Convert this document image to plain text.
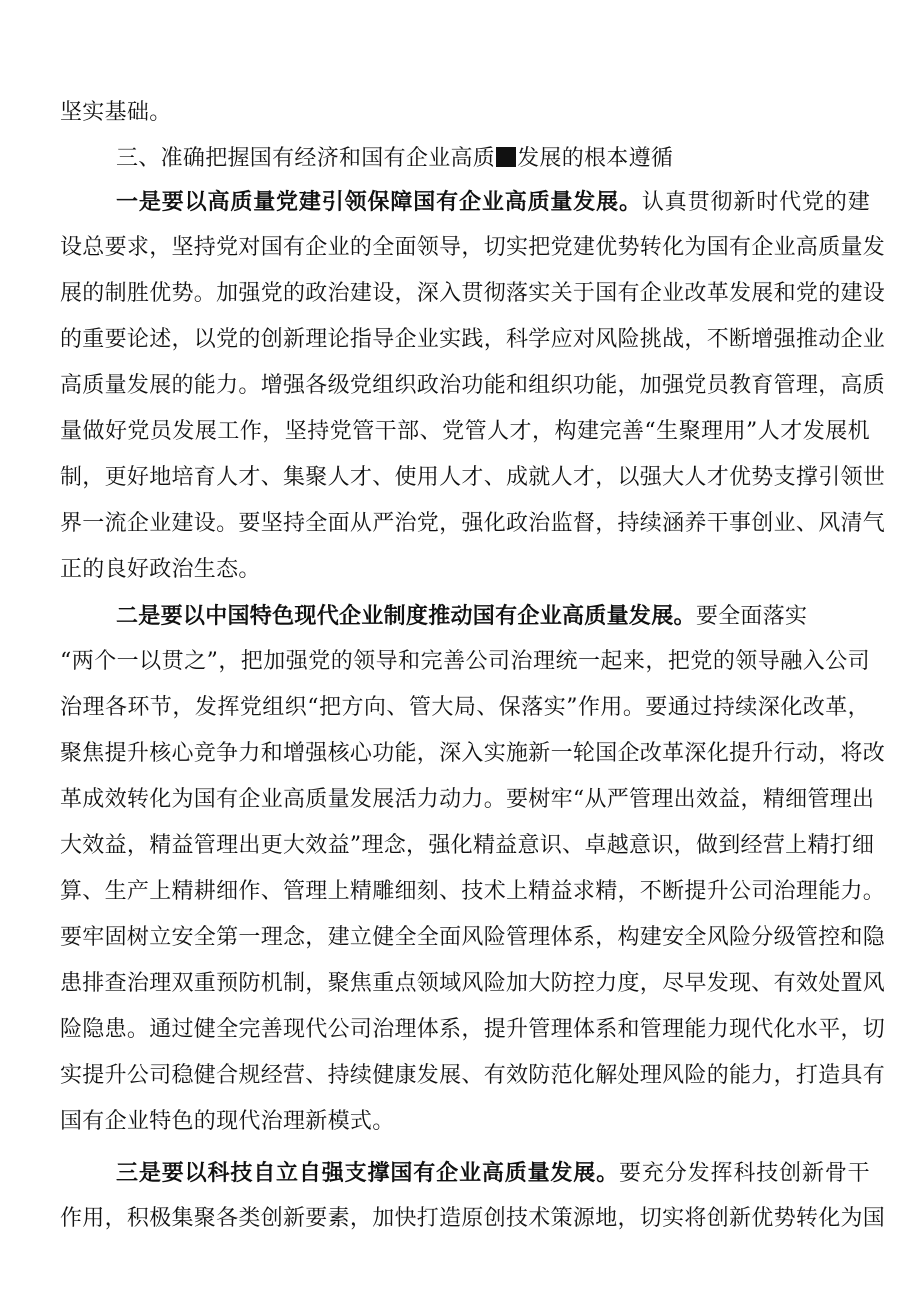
坚实基础。
三、准确把握国有经济和国有企业高质 发展的根本遵循
一是要以高质量党建引领保障国有企业高质量发展。认真贯彻新时代党的建
设总要求，坚持党对国有企业的全面领导，切实把党建优势转化为国有企业高质量发
展的制胜优势。加强党的政治建设，深入贯彻落实关于国有企业改革发展和党的建设
的重要论述，以党的创新理论指导企业实践，科学应对风险挑战，不断增强推动企业
高质量发展的能力。增强各级党组织政治功能和组织功能，加强党员教育管理，高质
量做好党员发展工作，坚持党管干部、党管人才，构建完善“生聚理用”人才发展机
制，更好地培育人才、集聚人才、使用人才、成就人才，以强大人才优势支撑引领世
界一流企业建设。要坚持全面从严治党，强化政治监督，持续涵养干事创业、风清气
正的良好政治生态。
二是要以中国特色现代企业制度推动国有企业高质量发展。要全面落实
“两个一以贯之”，把加强党的领导和完善公司治理统一起来，把党的领导融入公司
治理各环节，发挥党组织“把方向、管大局、保落实”作用。要通过持续深化改革，
聚焦提升核心竞争力和增强核心功能，深入实施新一轮国企改革深化提升行动，将改
革成效转化为国有企业高质量发展活力动力。要树牢“从严管理出效益，精细管理出
大效益，精益管理出更大效益”理念，强化精益意识、卓越意识，做到经营上精打细
算、生产上精耕细作、管理上精雕细刻、技术上精益求精，不断提升公司治理能力。
要牢固树立安全第一理念，建立健全全面风险管理体系，构建安全风险分级管控和隐
患排查治理双重预防机制，聚焦重点领域风险加大防控力度，尽早发现、有效处置风
险隐患。通过健全完善现代公司治理体系，提升管理体系和管理能力现代化水平，切
实提升公司稳健合规经营、持续健康发展、有效防范化解处理风险的能力，打造具有
国有企业特色的现代治理新模式。
三是要以科技自立自强支撑国有企业高质量发展。要充分发挥科技创新骨干
作用，积极集聚各类创新要素，加快打造原创技术策源地，切实将创新优势转化为国
